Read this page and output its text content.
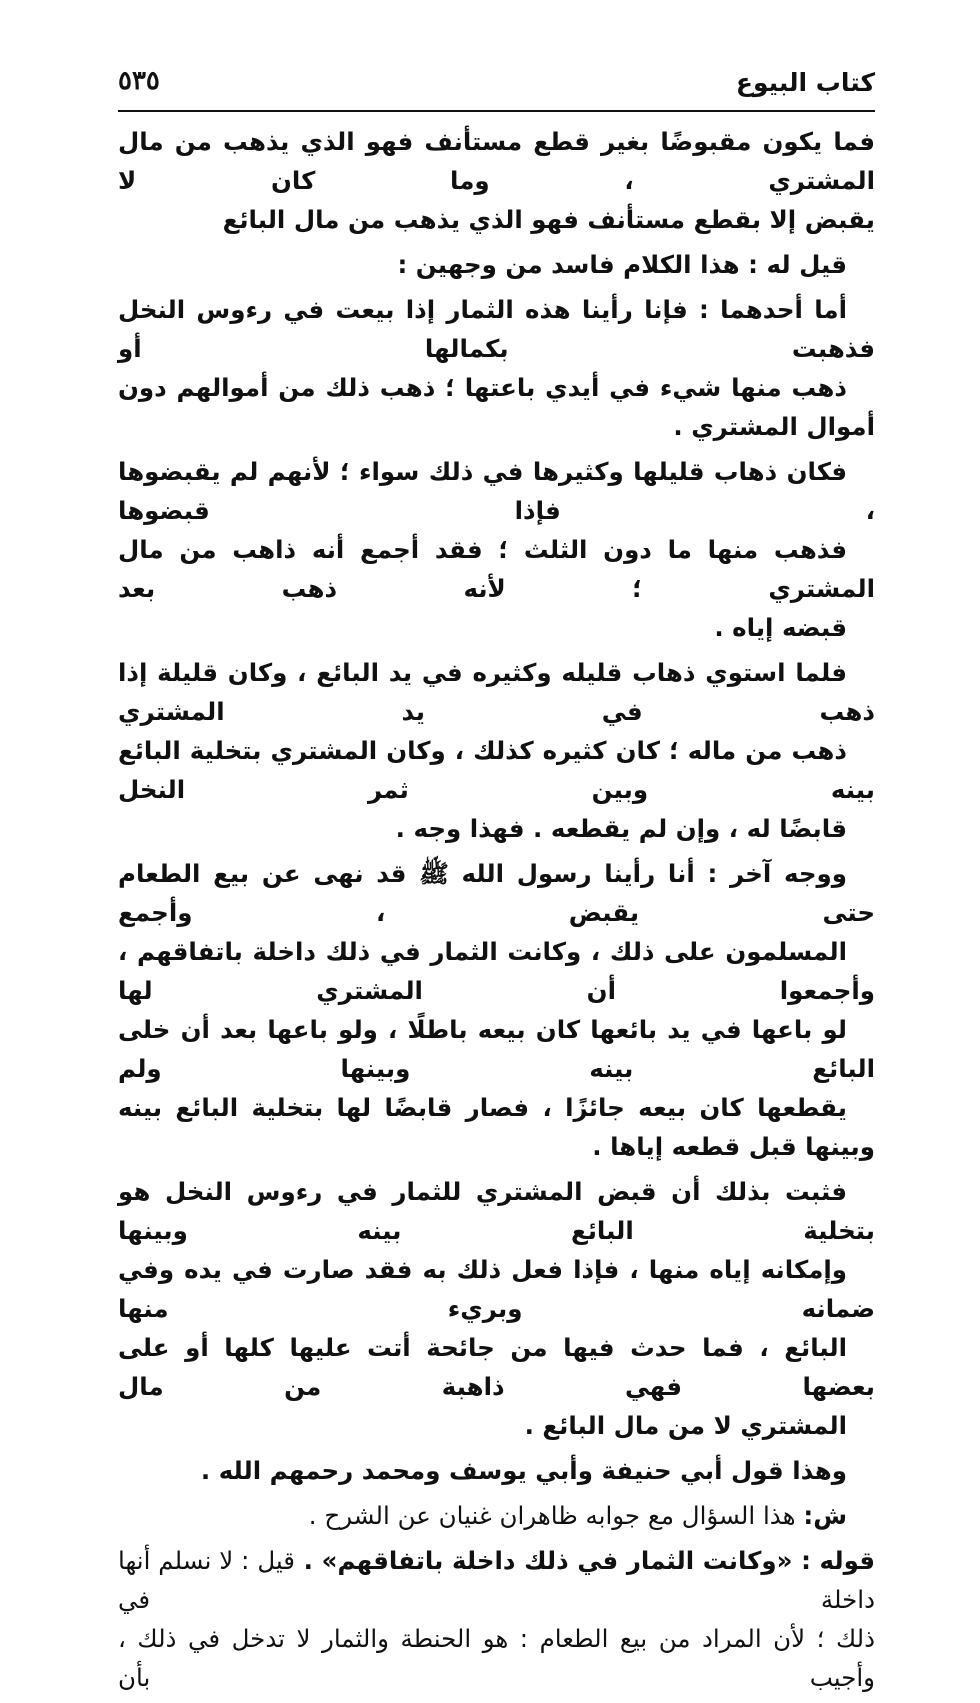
كتاب البيوع
٥٣٥

فما يكون مقبوضًا بغير قطع مستأنف فهو الذي يذهب من مال المشتري ، وما كان لا
يقبض إلا بقطع مستأنف فهو الذي يذهب من مال البائع

قيل له : هذا الكلام فاسد من وجهين :

أما أحدهما : فإنا رأينا هذه الثمار إذا بيعت في رءوس النخل فذهبت بكمالها أو
ذهب منها شيء في أيدي باعتها ؛ ذهب ذلك من أموالهم دون أموال المشتري .

فكان ذهاب قليلها وكثيرها في ذلك سواء ؛ لأنهم لم يقبضوها ، فإذا قبضوها
فذهب منها ما دون الثلث ؛ فقد أجمع أنه ذاهب من مال المشتري ؛ لأنه ذهب بعد
قبضه إياه .

فلما استوي ذهاب قليله وكثيره في يد البائع ، وكان قليلة إذا ذهب في يد المشتري
ذهب من ماله ؛ كان كثيره كذلك ، وكان المشتري بتخلية البائع بينه وبين ثمر النخل
قابضًا له ، وإن لم يقطعه . فهذا وجه .

ووجه آخر : أنا رأينا رسول الله ﷺ قد نهى عن بيع الطعام حتى يقبض ، وأجمع
المسلمون على ذلك ، وكانت الثمار في ذلك داخلة باتفاقهم ، وأجمعوا أن المشتري لها
لو باعها في يد بائعها كان بيعه باطلًا ، ولو باعها بعد أن خلى البائع بينه وبينها ولم
يقطعها كان بيعه جائزًا ، فصار قابضًا لها بتخلية البائع بينه وبينها قبل قطعه إياها .

فثبت بذلك أن قبض المشتري للثمار في رءوس النخل هو بتخلية البائع بينه وبينها
وإمكانه إياه منها ، فإذا فعل ذلك به فقد صارت في يده وفي ضمانه وبريء منها
البائع ، فما حدث فيها من جائحة أتت عليها كلها أو على بعضها فهي ذاهبة من مال
المشتري لا من مال البائع .

وهذا قول أبي حنيفة وأبي يوسف ومحمد رحمهم الله .

ش: هذا السؤال مع جوابه ظاهران غنيان عن الشرح .

قوله : «وكانت الثمار في ذلك داخلة باتفاقهم» . قيل : لا نسلم أنها داخلة في
ذلك ؛ لأن المراد من بيع الطعام : هو الحنطة والثمار لا تدخل في ذلك ، وأجيب بأن
